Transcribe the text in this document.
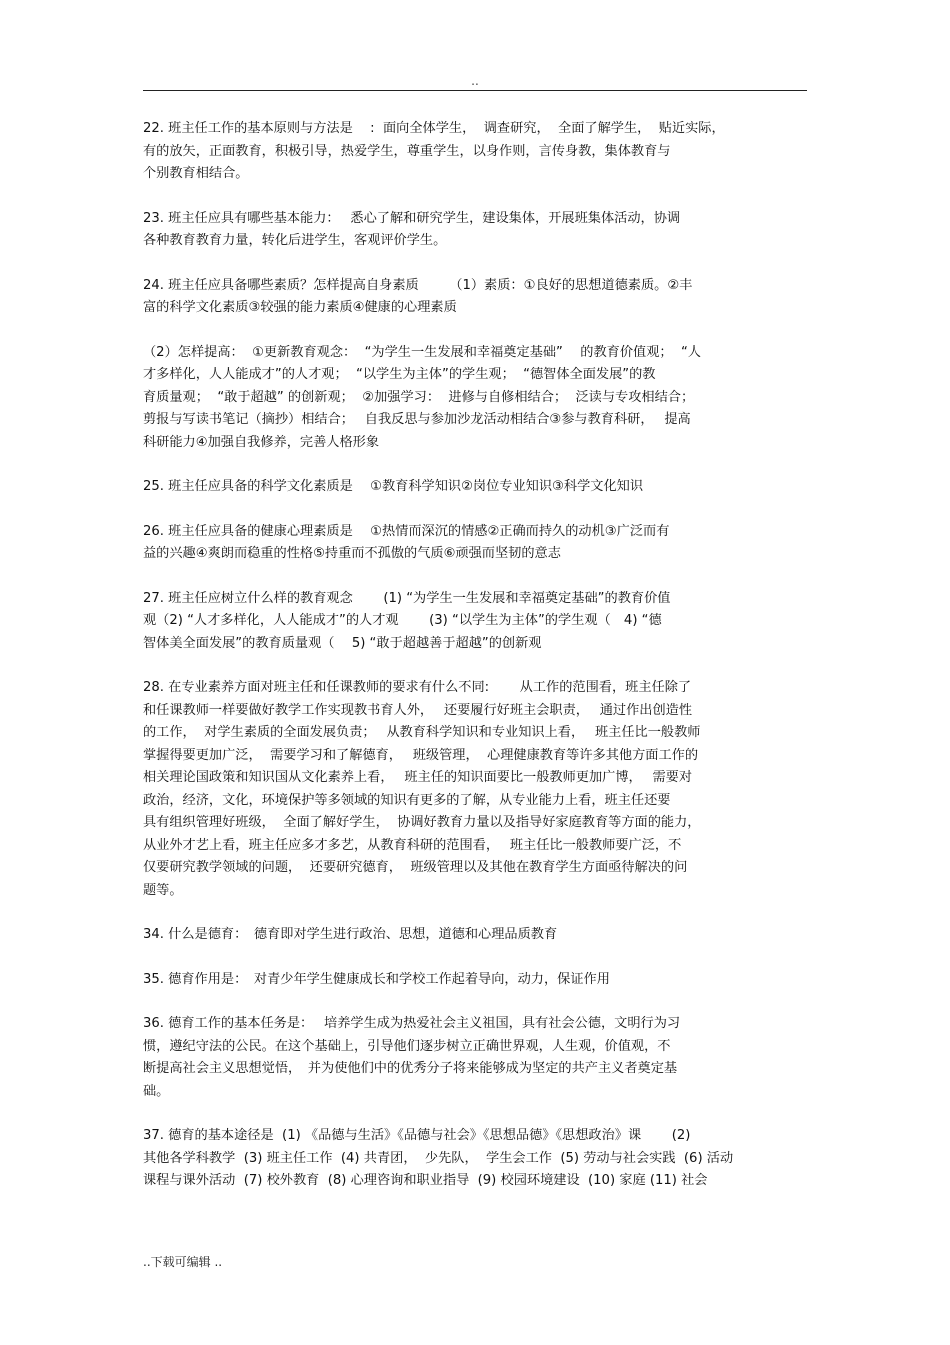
..
22. 班主任工作的基本原则与方法是　 :  面向全体学生，  调查研究，  全面了解学生，  贴近实际，
有的放矢，正面教育，积极引导，热爱学生，尊重学生，以身作则，言传身教，集体教育与
个别教育相结合。
23. 班主任应具有哪些基本能力：　 悉心了解和研究学生，建设集体，开展班集体活动，协调
各种教育教育力量，转化后进学生，客观评价学生。
24. 班主任应具备哪些素质？怎样提高自身素质　　 （1）素质：①良好的思想道德素质。②丰
富的科学文化素质③较强的能力素质④健康的心理素质
（2）怎样提高：  ①更新教育观念：  “为学生一生发展和幸福奠定基础”　 的教育价值观；  “人
才多样化，人人能成才”的人才观；  “以学生为主体”的学生观；  “德智体全面发展”的教
育质量观；  “敢于超越” 的创新观；  ②加强学习：  进修与自修相结合；  泛读与专攻相结合；
剪报与写读书笔记（摘抄）相结合；　 自我反思与参加沙龙活动相结合③参与教育科研，　 提高
科研能力④加强自我修养，完善人格形象
25. 班主任应具备的科学文化素质是　 ①教育科学知识②岗位专业知识③科学文化知识
26. 班主任应具备的健康心理素质是　 ①热情而深沉的情感②正确而持久的动机③广泛而有
益的兴趣④爽朗而稳重的性格⑤持重而不孤傲的气质⑥顽强而坚韧的意志
27. 班主任应树立什么样的教育观念　　 (1) “为学生一生发展和幸福奠定基础”的教育价值
观（2) “人才多样化，人人能成才”的人才观　　 (3) “以学生为主体”的学生观（　4) “德
智体美全面发展”的教育质量观（　 5) “敢于超越善于超越”的创新观
28. 在专业素养方面对班主任和任课教师的要求有什么不同:　　 从工作的范围看，班主任除了
和任课教师一样要做好教学工作实现教书育人外，　 还要履行好班主会职责，　 通过作出创造性
的工作，  对学生素质的全面发展负责；　 从教育科学知识和专业知识上看，　 班主任比一般教师
掌握得要更加广泛，  需要学习和了解德育，　 班级管理，  心理健康教育等许多其他方面工作的
相关理论国政策和知识国从文化素养上看，　 班主任的知识面要比一般教师更加广博，　 需要对
政治，经济，文化，环境保护等多领域的知识有更多的了解，从专业能力上看，班主任还要
具有组织管理好班级，  全面了解好学生，  协调好教育力量以及指导好家庭教育等方面的能力，
从业外才艺上看，班主任应多才多艺，从教育科研的范围看，　 班主任比一般教师要广泛，不
仅要研究教学领域的问题，  还要研究德育，  班级管理以及其他在教育学生方面亟待解决的问
题等。
34. 什么是德育：　德育即对学生进行政治、思想，道德和心理品质教育
35. 德育作用是：　对青少年学生健康成长和学校工作起着导向，动力，保证作用
36. 德育工作的基本任务是：　 培养学生成为热爱社会主义祖国，具有社会公德，文明行为习
惯，遵纪守法的公民。在这个基础上，引导他们逐步树立正确世界观，人生观，价值观，不
断提高社会主义思想觉悟，　并为使他们中的优秀分子将来能够成为坚定的共产主义者奠定基
础。
37. 德育的基本途径是  (1) 《品德与生活》《品德与社会》《思想品德》《思想政治》课　　 (2)
其他各学科教学  (3) 班主任工作  (4) 共青团，  少先队，  学生会工作  (5) 劳动与社会实践  (6) 活动
课程与课外活动  (7) 校外教育  (8) 心理咨询和职业指导  (9) 校园环境建设  (10) 家庭 (11) 社会
..下载可编辑 ..
